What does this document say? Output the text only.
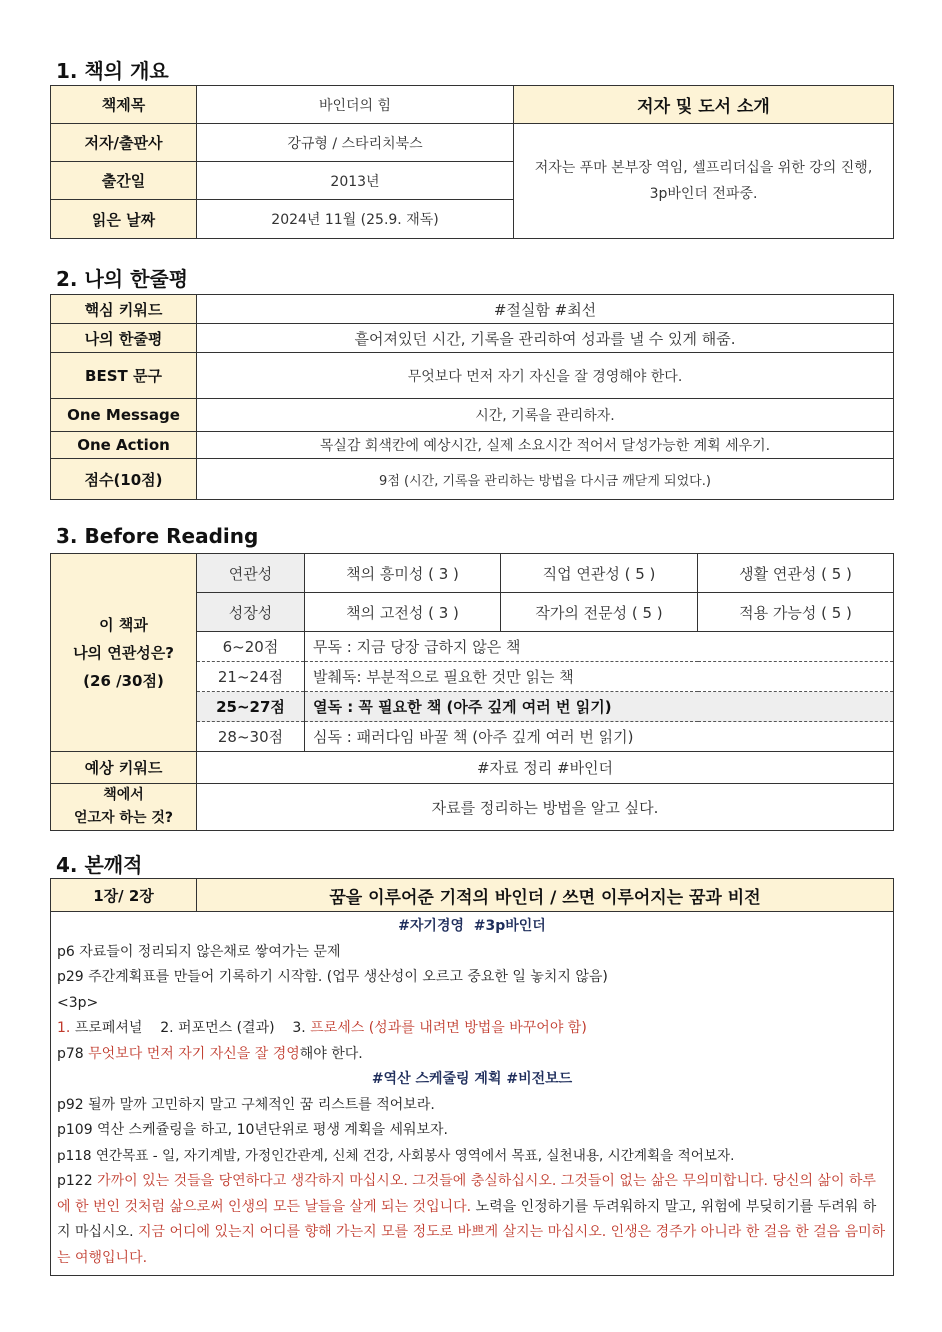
1. 책의 개요
책제목	바인더의 힘	저자 및 도서 소개
저자/출판사	강규형 / 스타리치북스	저자는 푸마 본부장 역임, 셀프리더십을 위한 강의 진행, 3p바인더 전파중.
출간일	2013년	
읽은 날짜	2024년 11월 (25.9. 재독)	
2. 나의 한줄평
핵심 키워드	#절실함 #최선
나의 한줄평	흩어져있던 시간, 기록을 관리하여 성과를 낼 수 있게 해줌.
BEST 문구	무엇보다 먼저 자기 자신을 잘 경영해야 한다.
One Message	시간, 기록을 관리하자.
One Action	목실감 회색칸에 예상시간, 실제 소요시간 적어서 달성가능한 계획 세우기.
점수(10점)	9점 (시간, 기록을 관리하는 방법을 다시금 깨닫게 되었다.)
3. Before Reading
이 책과
나의 연관성은?
(26 /30점)	연관성	책의 흥미성 ( 3 )	직업 연관성 ( 5 )	생활 연관성 ( 5 )
	성장성	책의 고전성 ( 3 )	작가의 전문성 ( 5 )	적용 가능성 ( 5 )
	6~20점	무독 : 지금 당장 급하지 않은 책		
	21~24점	발췌독: 부분적으로 필요한 것만 읽는 책		
	25~27점	열독 : 꼭 필요한 책 (아주 깊게 여러 번 읽기)		
	28~30점	심독 : 패러다임 바꿀 책 (아주 깊게 여러 번 읽기)		
예상 키워드	#자료 정리 #바인더			

책에서
얻고자 하는 것?	자료를 정리하는 방법을 알고 싶다.			
4. 본깨적
1장/ 2장	꿈을 이루어준 기적의 바인더 / 쓰면 이루어지는 꿈과 비전

#자기경영  #3p바인더
p6 자료들이 정리되지 않은채로 쌓여가는 문제
p29 주간계획표를 만들어 기록하기 시작함. (업무 생산성이 오르고 중요한 일 놓치지 않음)
<3p>
1. 프로페셔널    2. 퍼포먼스 (결과)    3. 프로세스 (성과를 내려면 방법을 바꾸어야 함)
p78 무엇보다 먼저 자기 자신을 잘 경영해야 한다.
#역산 스케줄링 계획 #비전보드
p92 될까 말까 고민하지 말고 구체적인 꿈 리스트를 적어보라.
p109 역산 스케쥴링을 하고, 10년단위로 평생 계획을 세워보자.
p118 연간목표 - 일, 자기계발, 가정인간관계, 신체 건강, 사회봉사 영역에서 목표, 실천내용, 시간계획을 적어보자.
p122 가까이 있는 것들을 당연하다고 생각하지 마십시오. 그것들에 충실하십시오. 그것들이 없는 삶은 무의미합니다. 당신의 삶이 하루에 한 번인 것처럼 삶으로써 인생의 모든 날들을 살게 되는 것입니다. 노력을 인정하기를 두려워하지 말고, 위험에 부딪히기를 두려워 하지 마십시오. 지금 어디에 있는지 어디를 향해 가는지 모를 정도로 바쁘게 살지는 마십시오. 인생은 경주가 아니라 한 걸음 한 걸음 음미하는 여행입니다.
